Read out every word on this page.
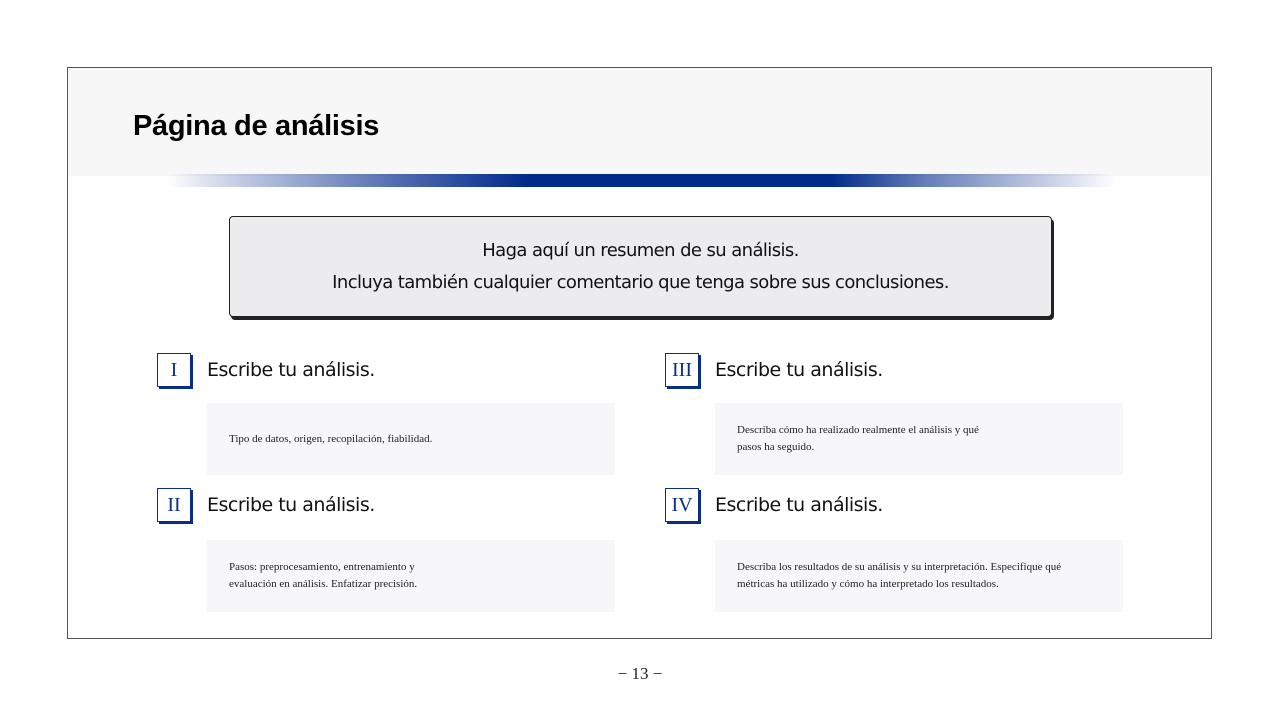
Página de análisis
Haga aquí un resumen de su análisis.
Incluya también cualquier comentario que tenga sobre sus conclusiones.
I	Escribe tu análisis.
Tipo de datos, origen, recopilación, fiabilidad.
II	Escribe tu análisis.
Pasos: preprocesamiento, entrenamiento y evaluación en análisis. Enfatizar precisión.
III	Escribe tu análisis.
Describa cómo ha realizado realmente el análisis y qué pasos ha seguido.
IV	Escribe tu análisis.
Describa los resultados de su análisis y su interpretación. Especifique qué métricas ha utilizado y cómo ha interpretado los resultados.
− 13 −
